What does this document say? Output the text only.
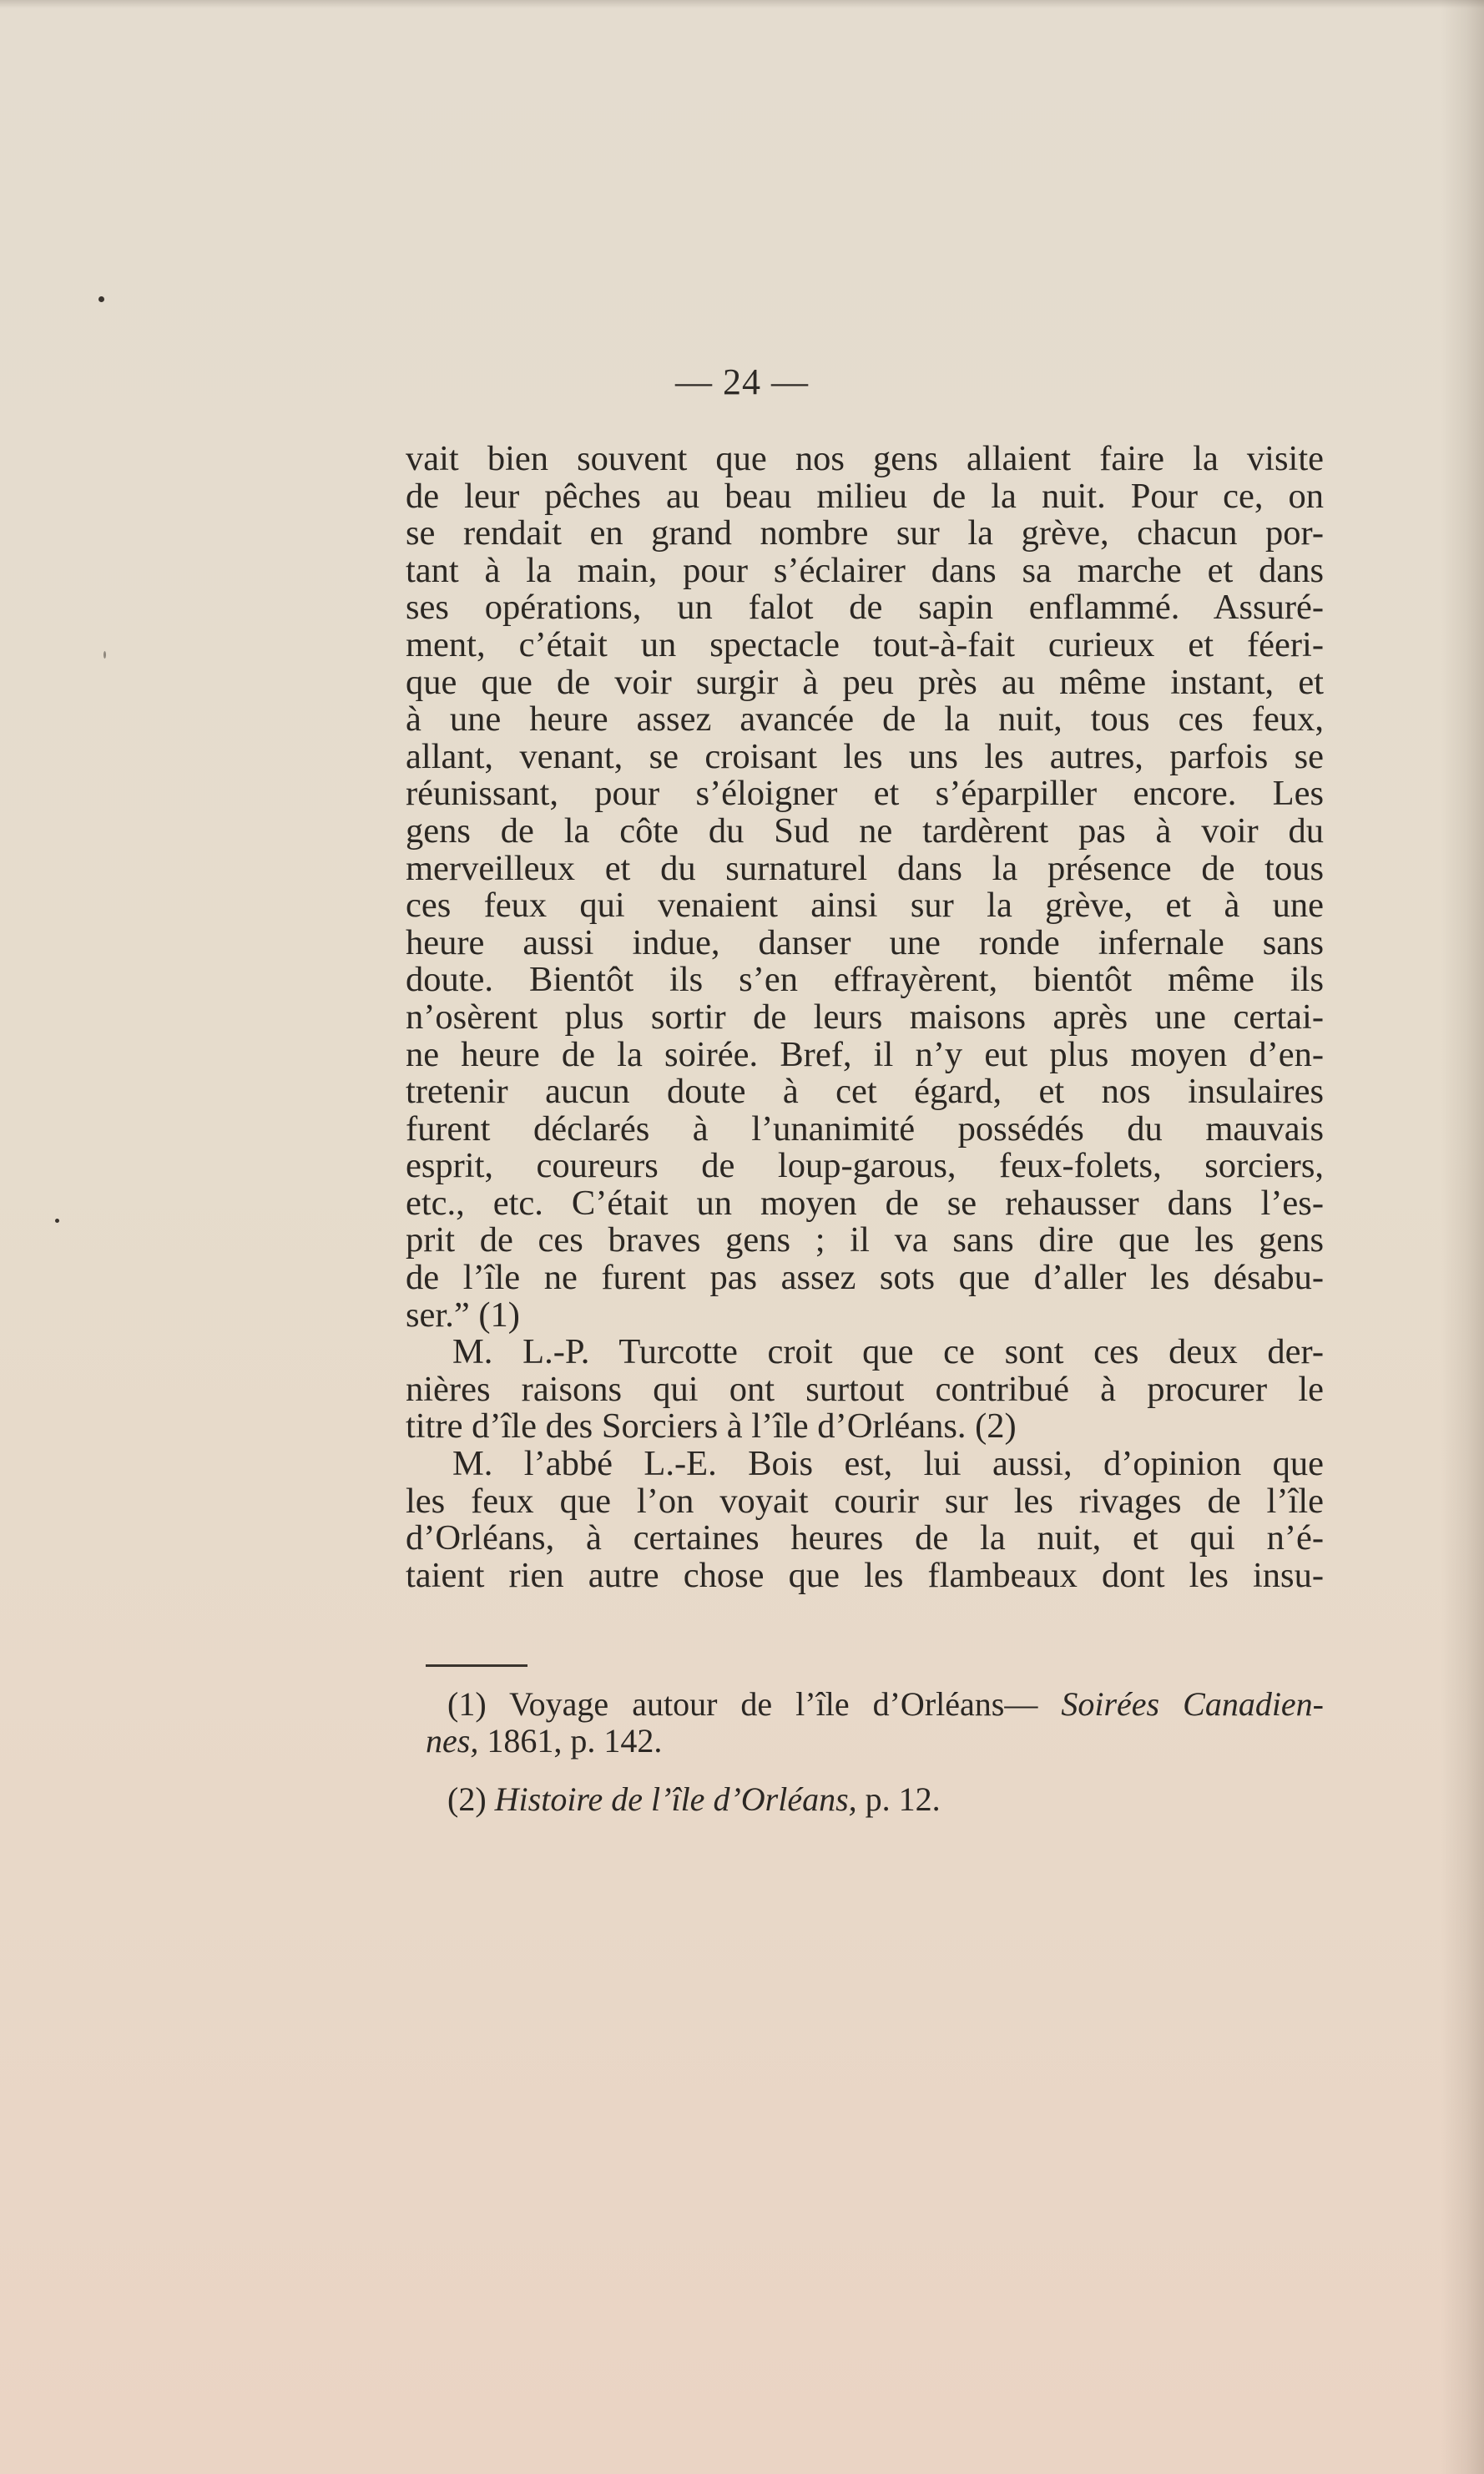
— 24 —
vait bien souvent que nos gens allaient faire la visite
de leur pêches au beau milieu de la nuit. Pour ce, on
se rendait en grand nombre sur la grève, chacun por-
tant à la main, pour s’éclairer dans sa marche et dans
ses opérations, un falot de sapin enflammé. Assuré-
ment, c’était un spectacle tout-à-fait curieux et féeri-
que que de voir surgir à peu près au même instant, et
à une heure assez avancée de la nuit, tous ces feux,
allant, venant, se croisant les uns les autres, parfois se
réunissant, pour s’éloigner et s’éparpiller encore. Les
gens de la côte du Sud ne tardèrent pas à voir du
merveilleux et du surnaturel dans la présence de tous
ces feux qui venaient ainsi sur la grève, et à une
heure aussi indue, danser une ronde infernale sans
doute. Bientôt ils s’en effrayèrent, bientôt même ils
n’osèrent plus sortir de leurs maisons après une certai-
ne heure de la soirée. Bref, il n’y eut plus moyen d’en-
tretenir aucun doute à cet égard, et nos insulaires
furent déclarés à l’unanimité possédés du mauvais
esprit, coureurs de loup-garous, feux-folets, sorciers,
etc., etc. C’était un moyen de se rehausser dans l’es-
prit de ces braves gens ; il va sans dire que les gens
de l’île ne furent pas assez sots que d’aller les désabu-
ser.” (1)
M. L.-P. Turcotte croit que ce sont ces deux der-
nières raisons qui ont surtout contribué à procurer le
titre d’île des Sorciers à l’île d’Orléans. (2)
M. l’abbé L.-E. Bois est, lui aussi, d’opinion que
les feux que l’on voyait courir sur les rivages de l’île
d’Orléans, à certaines heures de la nuit, et qui n’é-
taient rien autre chose que les flambeaux dont les insu-
(1) Voyage autour de l’île d’Orléans— Soirées Canadien-
nes, 1861, p. 142.
(2) Histoire de l’île d’Orléans, p. 12.
